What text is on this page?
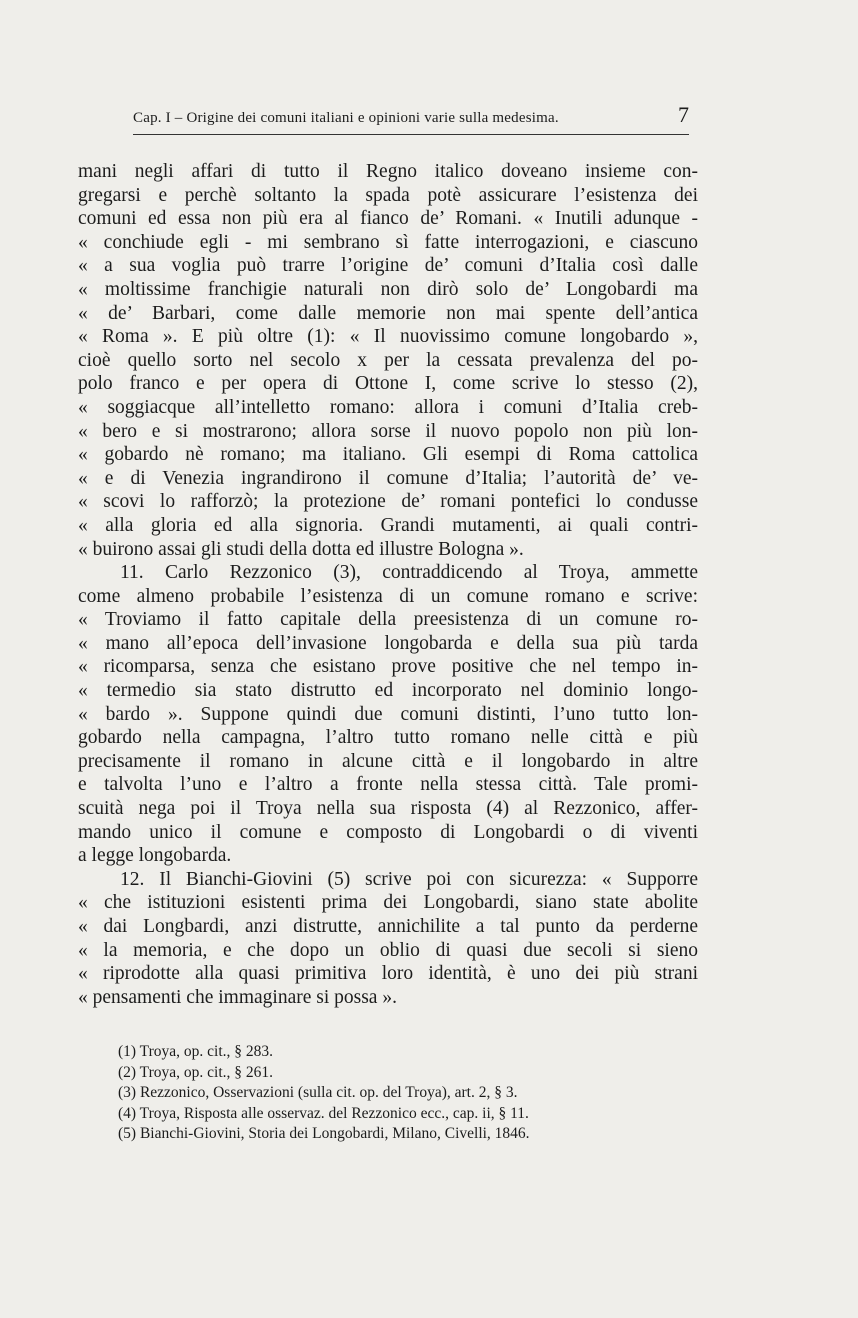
Cap. I – Origine dei comuni italiani e opinioni varie sulla medesima.	7
mani negli affari di tutto il Regno italico doveano insieme con-
gregarsi e perchè soltanto la spada potè assicurare l’esistenza dei
comuni ed essa non più era al fianco de’ Romani. « Inutili adunque -
« conchiude egli - mi sembrano sì fatte interrogazioni, e ciascuno
« a sua voglia può trarre l’origine de’ comuni d’Italia così dalle
« moltissime franchigie naturali non dirò solo de’ Longobardi ma
« de’ Barbari, come dalle memorie non mai spente dell’antica
« Roma ». E più oltre (1): « Il nuovissimo comune longobardo »,
cioè quello sorto nel secolo x per la cessata prevalenza del po-
polo franco e per opera di Ottone I, come scrive lo stesso (2),
« soggiacque all’intelletto romano: allora i comuni d’Italia creb-
« bero e si mostrarono; allora sorse il nuovo popolo non più lon-
« gobardo nè romano; ma italiano. Gli esempi di Roma cattolica
« e di Venezia ingrandirono il comune d’Italia; l’autorità de’ ve-
« scovi lo rafforzò; la protezione de’ romani pontefici lo condusse
« alla gloria ed alla signoria. Grandi mutamenti, ai quali contri-
« buirono assai gli studi della dotta ed illustre Bologna ».
11. Carlo Rezzonico (3), contraddicendo al Troya, ammette
come almeno probabile l’esistenza di un comune romano e scrive:
« Troviamo il fatto capitale della preesistenza di un comune ro-
« mano all’epoca dell’invasione longobarda e della sua più tarda
« ricomparsa, senza che esistano prove positive che nel tempo in-
« termedio sia stato distrutto ed incorporato nel dominio longo-
« bardo ». Suppone quindi due comuni distinti, l’uno tutto lon-
gobardo nella campagna, l’altro tutto romano nelle città e più
precisamente il romano in alcune città e il longobardo in altre
e talvolta l’uno e l’altro a fronte nella stessa città. Tale promi-
scuità nega poi il Troya nella sua risposta (4) al Rezzonico, affer-
mando unico il comune e composto di Longobardi o di viventi
a legge longobarda.
12. Il Bianchi-Giovini (5) scrive poi con sicurezza: « Supporre
« che istituzioni esistenti prima dei Longobardi, siano state abolite
« dai Longbardi, anzi distrutte, annichilite a tal punto da perderne
« la memoria, e che dopo un oblio di quasi due secoli si sieno
« riprodotte alla quasi primitiva loro identità, è uno dei più strani
« pensamenti che immaginare si possa ».
(1) Troya, op. cit., § 283.
(2) Troya, op. cit., § 261.
(3) Rezzonico, Osservazioni (sulla cit. op. del Troya), art. 2, § 3.
(4) Troya, Risposta alle osservaz. del Rezzonico ecc., cap. ii, § 11.
(5) Bianchi-Giovini, Storia dei Longobardi, Milano, Civelli, 1846.
